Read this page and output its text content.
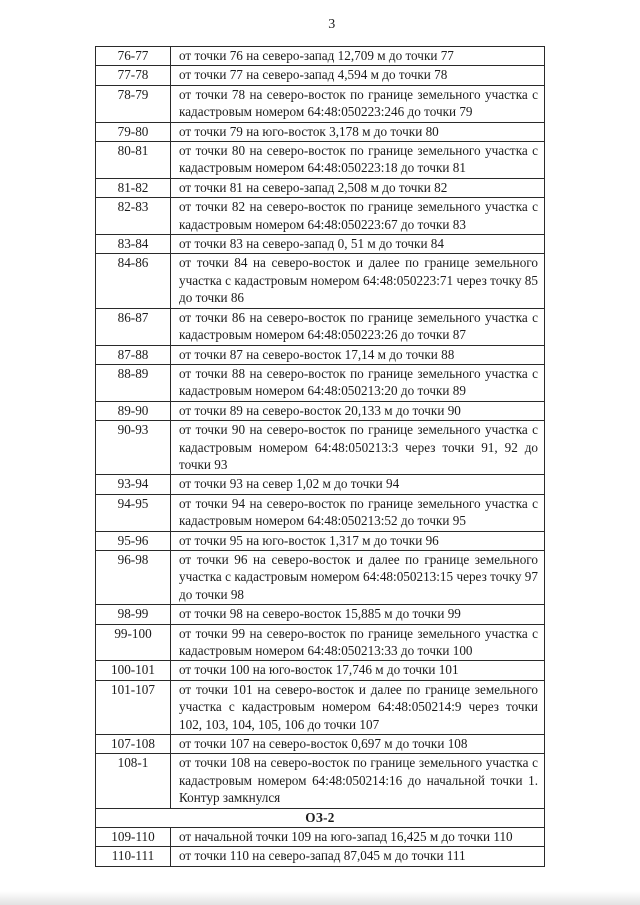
3
76-77	от точки 76 на северо-запад 12,709 м до точки 77
77-78	от точки 77 на северо-запад 4,594 м до точки 78
78-79	от точки 78 на северо-восток по границе земельного участка с кадастровым номером 64:48:050223:246 до точки 79
79-80	от точки 79 на юго-восток 3,178 м до точки 80
80-81	от точки 80 на северо-восток по границе земельного участка с кадастровым номером 64:48:050223:18 до точки 81
81-82	от точки 81 на северо-запад 2,508 м до точки 82
82-83	от точки 82 на северо-восток по границе земельного участка с кадастровым номером 64:48:050223:67 до точки 83
83-84	от точки 83 на северо-запад 0, 51 м до точки 84
84-86	от точки 84 на северо-восток и далее по границе земельного участка с кадастровым номером 64:48:050223:71 через точку 85 до точки 86
86-87	от точки 86 на северо-восток по границе земельного участка с кадастровым номером 64:48:050223:26 до точки 87
87-88	от точки 87 на северо-восток 17,14 м до точки 88
88-89	от точки 88 на северо-восток по границе земельного участка с кадастровым номером 64:48:050213:20 до точки 89
89-90	от точки 89 на северо-восток 20,133 м до точки 90
90-93	от точки 90 на северо-восток по границе земельного участка с кадастровым номером 64:48:050213:3 через точки 91, 92 до точки 93
93-94	от точки 93 на север 1,02 м до точки 94
94-95	от точки 94 на северо-восток по границе земельного участка с кадастровым номером 64:48:050213:52 до точки 95
95-96	от точки 95 на юго-восток 1,317 м до точки 96
96-98	от точки 96 на северо-восток и далее по границе земельного участка с кадастровым номером 64:48:050213:15 через точку 97 до точки 98
98-99	от точки 98 на северо-восток 15,885 м до точки 99
99-100	от точки 99 на северо-восток по границе земельного участка с кадастровым номером 64:48:050213:33 до точки 100
100-101	от точки 100 на юго-восток 17,746 м до точки 101
101-107	от точки 101 на северо-восток и далее по границе земельного участка с кадастровым номером 64:48:050214:9 через точки 102, 103, 104, 105, 106 до точки 107
107-108	от точки 107 на северо-восток 0,697 м до точки 108
108-1	от точки 108 на северо-восток по границе земельного участка с кадастровым номером 64:48:050214:16 до начальной точки 1. Контур замкнулся
ОЗ-2	
109-110	от начальной точки 109 на юго-запад 16,425 м до точки 110
110-111	от точки 110 на северо-запад 87,045 м до точки 111
